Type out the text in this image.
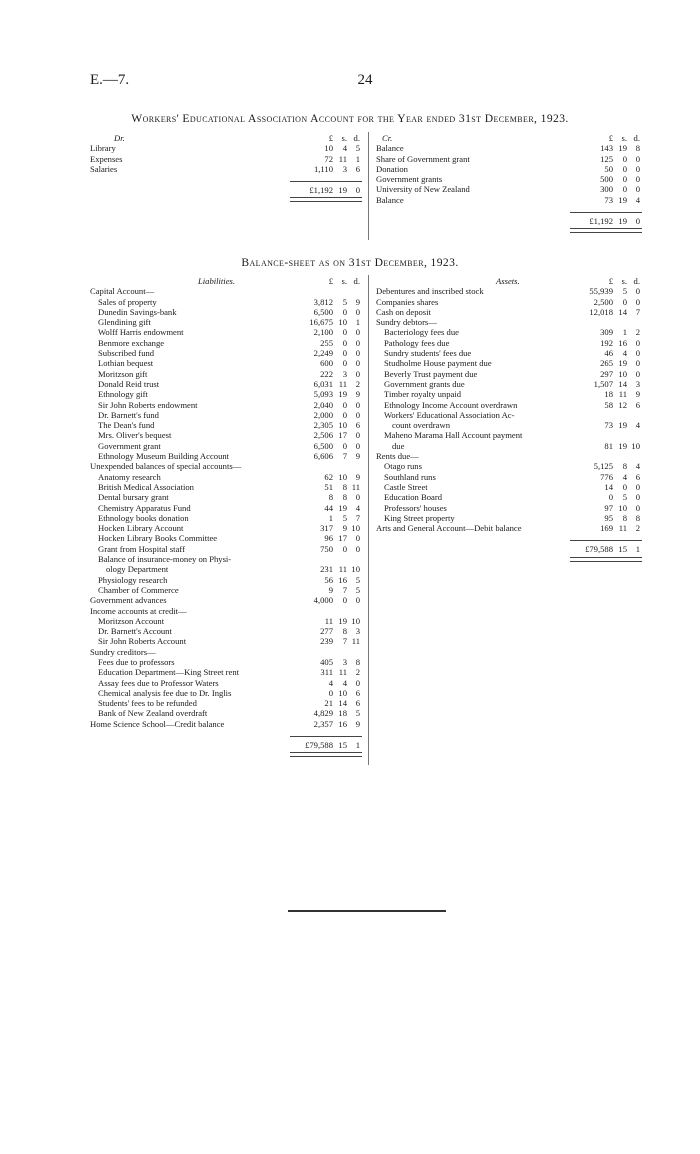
E.—7.	24
Workers' Educational Association Account for the Year ended 31st December, 1923.
Dr.	£ s. d.
Library	10	4	5
Expenses	72 11	1
Salaries	1,110	3	6
£1,192 19	0
Cr.	£ s. d.
Balance	143 19	8
Share of Government grant	125	0	0
Donation	50	0	0
Government grants	500	0	0
University of New Zealand	300	0	0
Balance	73 19	4
£1,192 19	0
Balance-sheet as on 31st December, 1923.
Liabilities.	£ s. d.
Capital Account—
Sales of property	3,812	5	9
Dunedin Savings-bank	6,500	0	0
Glendining gift	16,675 10	1
Wolff Harris endowment	2,100	0	0
Benmore exchange	255	0	0
Subscribed fund	2,249	0	0
Lothian bequest	600	0	0
Moritzson gift	222	3	0
Donald Reid trust	6,031 11	2
Ethnology gift	5,093 19	9
Sir John Roberts endowment	2,040	0	0
Dr. Barnett's fund	2,000	0	0
The Dean's fund	2,305 10	6
Mrs. Oliver's bequest	2,506 17	0
Government grant	6,500	0	0
Ethnology Museum Building Account	6,606	7	9
Unexpended balances of special accounts—
Anatomy research	62 10	9
British Medical Association	51	8 11
Dental bursary grant	8	8	0
Chemistry Apparatus Fund	44 19	4
Ethnology books donation	1	5	7
Hocken Library Account	317	9 10
Hocken Library Books Committee	96 17	0
Grant from Hospital staff	750	0	0
Balance of insurance-money on Physi-
ology Department	231 11 10
Physiology research	56 16	5
Chamber of Commerce	9	7	5
Government advances	4,000	0	0
Income accounts at credit—
Moritzson Account	11 19 10
Dr. Barnett's Account	277	8	3
Sir John Roberts Account	239	7 11
Sundry creditors—
Fees due to professors	405	3	8
Education Department—King Street rent	311 11	2
Assay fees due to Professor Waters	4	4	0
Chemical analysis fee due to Dr. Inglis	0 10	6
Students' fees to be refunded	21 14	6
Bank of New Zealand overdraft	4,829 18	5
Home Science School—Credit balance	2,357 16	9
£79,588 15	1
Assets.	£ s. d.
Debentures and inscribed stock	55,939	5	0
Companies shares	2,500	0	0
Cash on deposit	12,018 14	7
Sundry debtors—
Bacteriology fees due	309	1	2
Pathology fees due	192 16	0
Sundry students' fees due	46	4	0
Studholme House payment due	265 19	0
Beverly Trust payment due	297 10	0
Government grants due	1,507 14	3
Timber royalty unpaid	18 11	9
Ethnology Income Account overdrawn	58 12	6
Workers' Educational Association Ac-
count overdrawn	73 19	4
Maheno Marama Hall Account payment
due	81 19 10
Rents due—
Otago runs	5,125	8	4
Southland runs	776	4	6
Castle Street	14	0	0
Education Board	0	5	0
Professors' houses	97 10	0
King Street property	95	8	8
Arts and General Account—Debit balance	169 11	2
£79,588 15	1
